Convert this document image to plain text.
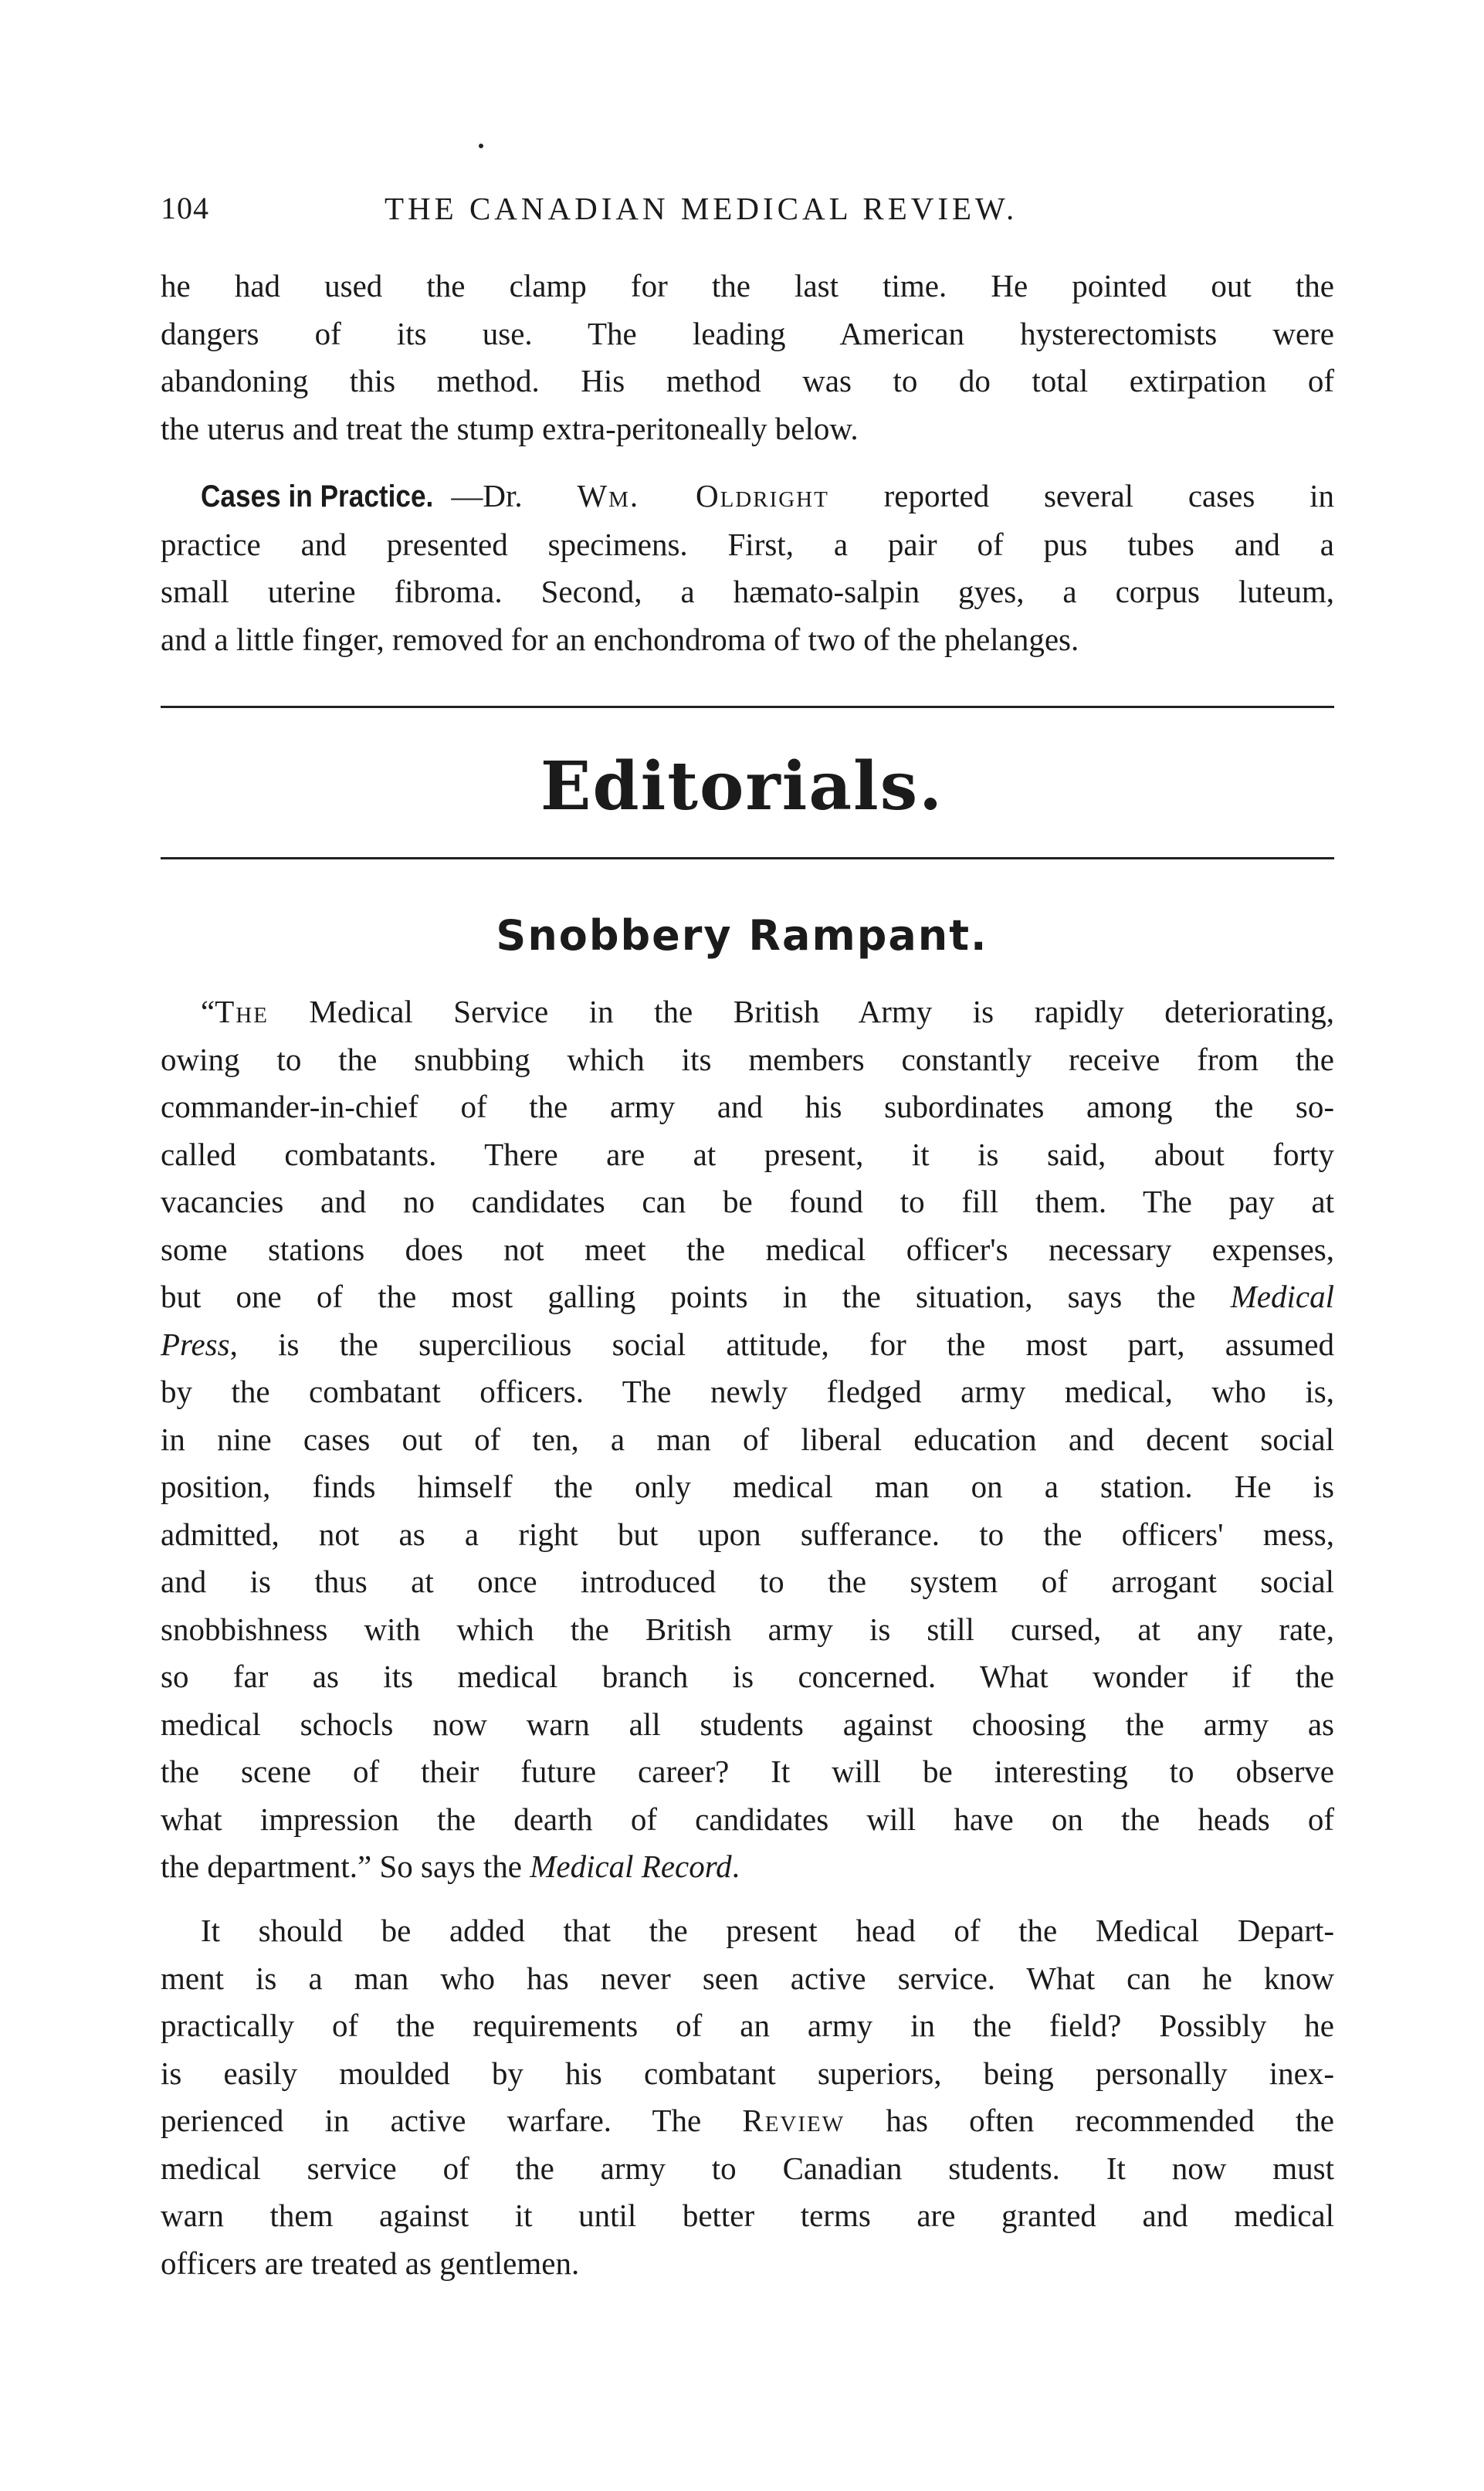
104	THE CANADIAN MEDICAL REVIEW.
he had used the clamp for the last time. He pointed out the
dangers of its use. The leading American hysterectomists were
abandoning this method. His method was to do total extirpation of
the uterus and treat the stump extra-peritoneally below.
Cases in Practice. —Dr. Wm. Oldright reported several cases in
practice and presented specimens. First, a pair of pus tubes and a
small uterine fibroma. Second, a hæmato-salpin gyes, a corpus luteum,
and a little finger, removed for an enchondroma of two of the phelanges.
Editorials.
Snobbery Rampant.
“The Medical Service in the British Army is rapidly deteriorating,
owing to the snubbing which its members constantly receive from the
commander-in-chief of the army and his subordinates among the so-
called combatants. There are at present, it is said, about forty
vacancies and no candidates can be found to fill them. The pay at
some stations does not meet the medical officer's necessary expenses,
but one of the most galling points in the situation, says the Medical
Press, is the supercilious social attitude, for the most part, assumed
by the combatant officers. The newly fledged army medical, who is,
in nine cases out of ten, a man of liberal education and decent social
position, finds himself the only medical man on a station. He is
admitted, not as a right but upon sufferance. to the officers' mess,
and is thus at once introduced to the system of arrogant social
snobbishness with which the British army is still cursed, at any rate,
so far as its medical branch is concerned. What wonder if the
medical schocls now warn all students against choosing the army as
the scene of their future career? It will be interesting to observe
what impression the dearth of candidates will have on the heads of
the department.” So says the Medical Record.
It should be added that the present head of the Medical Depart-
ment is a man who has never seen active service. What can he know
practically of the requirements of an army in the field? Possibly he
is easily moulded by his combatant superiors, being personally inex-
perienced in active warfare. The Review has often recommended the
medical service of the army to Canadian students. It now must
warn them against it until better terms are granted and medical
officers are treated as gentlemen.
